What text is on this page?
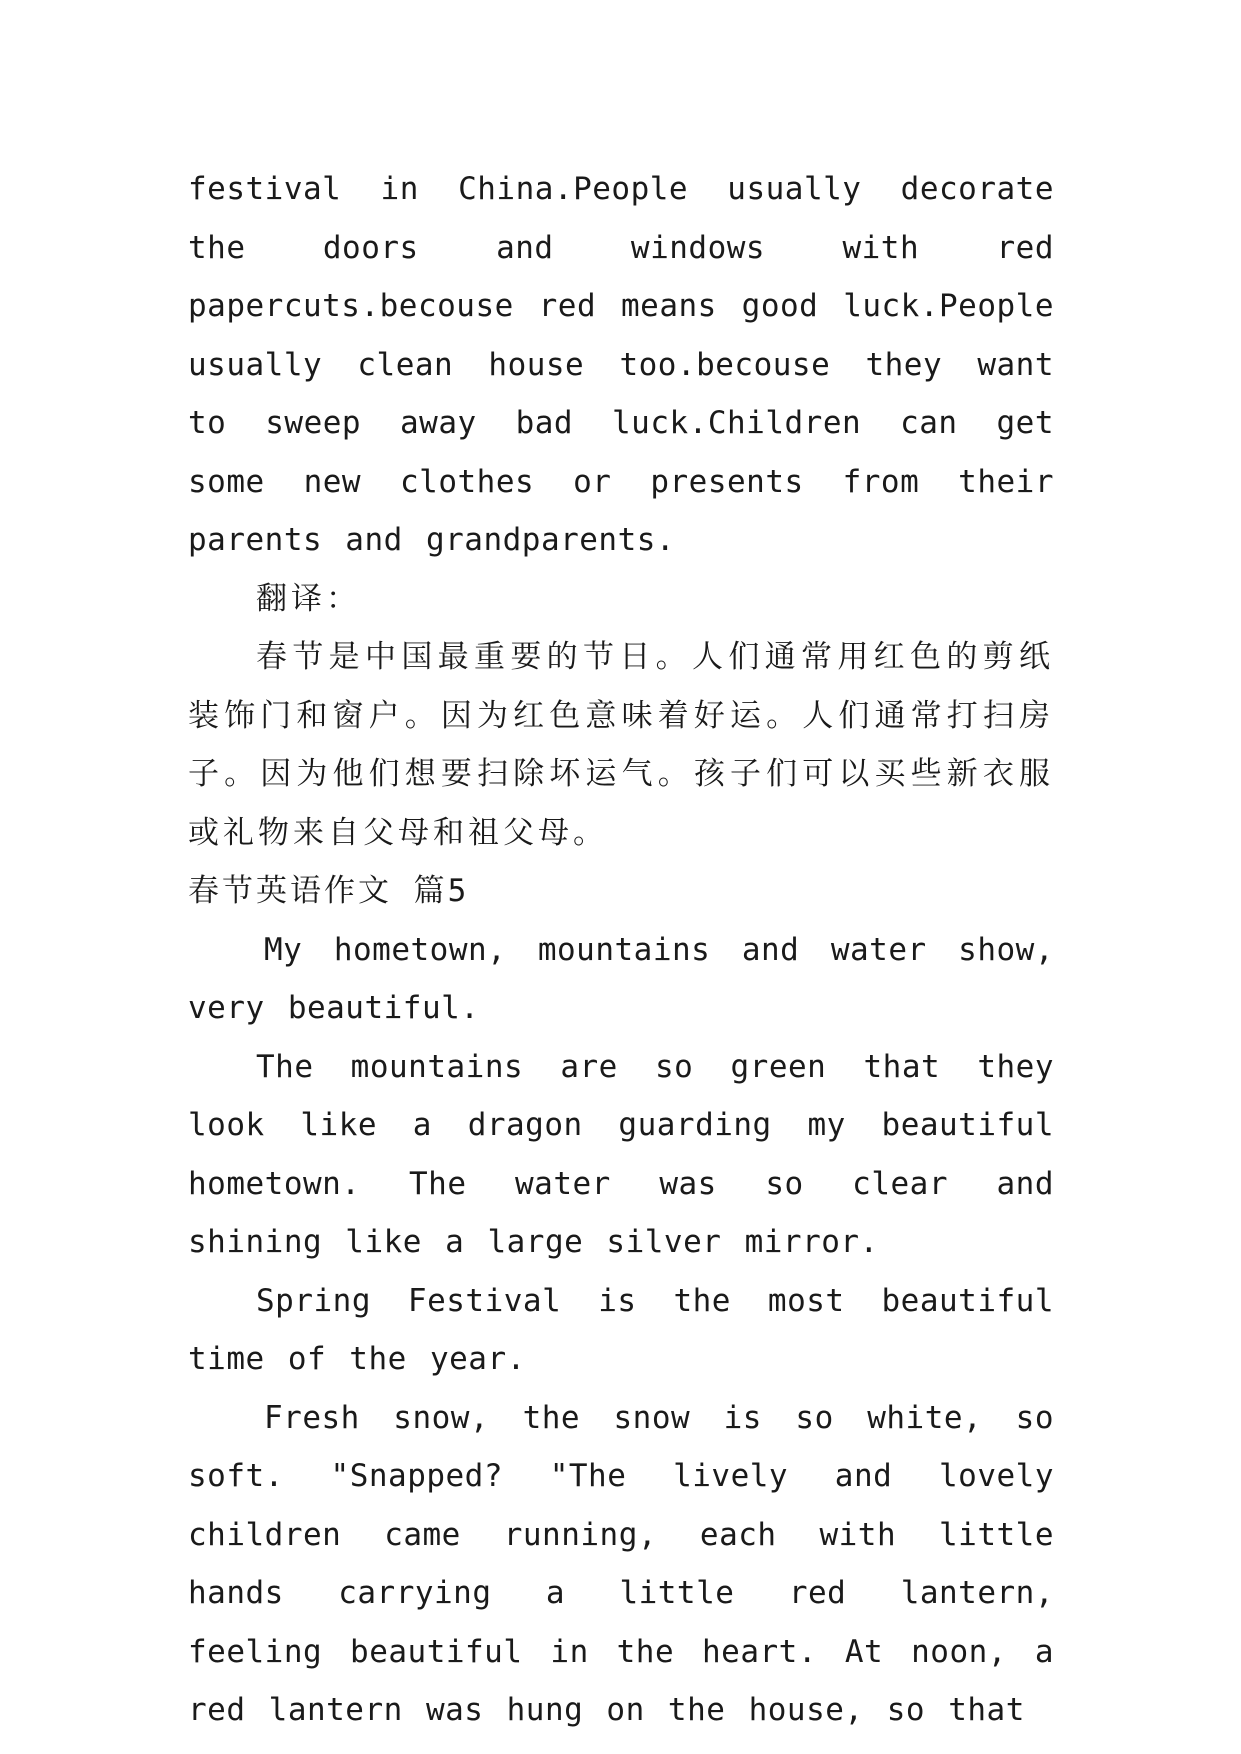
festival in China.People usually decorate the doors and windows with red papercuts.becouse red means good luck.People usually clean house too.becouse they want to sweep away bad luck.Children can get some new clothes or presents from their parents and grandparents.

翻译：

春节是中国最重要的节日。人们通常用红色的剪纸装饰门和窗户。因为红色意味着好运。人们通常打扫房子。因为他们想要扫除坏运气。孩子们可以买些新衣服或礼物来自父母和祖父母。

春节英语作文 篇5

My hometown, mountains and water show, very beautiful.

The mountains are so green that they look like a dragon guarding my beautiful hometown. The water was so clear and shining like a large silver mirror.

Spring Festival is the most beautiful time of the year.

Fresh snow, the snow is so white, so soft. "Snapped? "The lively and lovely children came running, each with little hands carrying a little red lantern, feeling beautiful in the heart. At noon, a red lantern was hung on the house, so that
